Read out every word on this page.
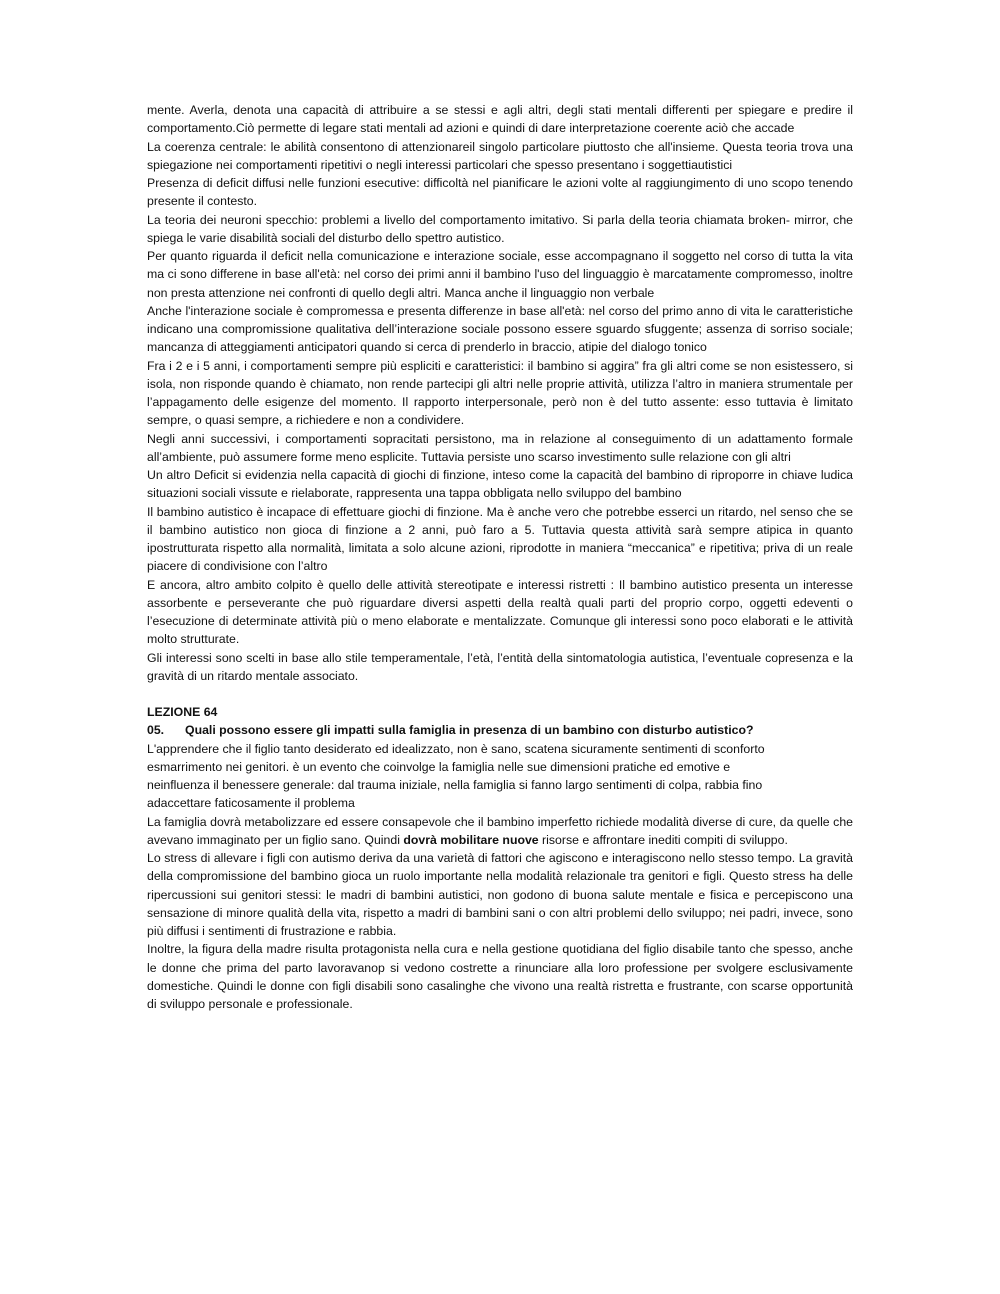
mente. Averla, denota una capacità di attribuire a se stessi e agli altri, degli stati mentali differenti per spiegare e predire il comportamento.Ciò permette di legare stati mentali ad azioni e quindi di dare interpretazione coerente aciò che accade

La coerenza centrale: le abilità consentono di attenzionareil singolo particolare piuttosto che all'insieme. Questa teoria trova una spiegazione nei comportamenti ripetitivi o negli interessi particolari che spesso presentano i soggettiautistici

Presenza di deficit diffusi nelle funzioni esecutive: difficoltà nel pianificare le azioni volte al raggiungimento di uno scopo tenendo presente il contesto.

La teoria dei neuroni specchio: problemi a livello del comportamento imitativo. Si parla della teoria chiamata broken- mirror, che spiega le varie disabilità sociali del disturbo dello spettro autistico.

Per quanto riguarda il deficit nella comunicazione e interazione sociale, esse accompagnano il soggetto nel corso di tutta la vita ma ci sono differene in base all'età: nel corso dei primi anni il bambino l'uso del linguaggio è marcatamente compromesso, inoltre non presta attenzione nei confronti di quello degli altri. Manca anche il linguaggio non verbale

Anche l'interazione sociale è compromessa e presenta differenze in base all'età: nel corso del primo anno di vita le caratteristiche indicano una compromissione qualitativa dell’interazione sociale possono essere sguardo sfuggente; assenza di sorriso sociale; mancanza di atteggiamenti anticipatori quando si cerca di prenderlo in braccio, atipie del dialogo tonico

Fra i 2 e i 5 anni, i comportamenti sempre più espliciti e caratteristici: il bambino si aggira” fra gli altri come se non esistessero, si isola, non risponde quando è chiamato, non rende partecipi gli altri nelle proprie attività, utilizza l’altro in maniera strumentale per l’appagamento delle esigenze del momento. Il rapporto interpersonale, però non è del tutto assente: esso tuttavia è limitato sempre, o quasi sempre, a richiedere e non a condividere.

Negli anni successivi, i comportamenti sopracitati persistono, ma in relazione al conseguimento di un adattamento formale all’ambiente, può assumere forme meno esplicite. Tuttavia persiste uno scarso investimento sulle relazione con gli altri

Un altro Deficit si evidenzia nella capacità di giochi di finzione, inteso come la capacità del bambino di riproporre in chiave ludica situazioni sociali vissute e rielaborate, rappresenta una tappa obbligata nello sviluppo del bambino

Il bambino autistico è incapace di effettuare giochi di finzione. Ma è anche vero che potrebbe esserci un ritardo, nel senso che se il bambino autistico non gioca di finzione a 2 anni, può faro a 5. Tuttavia questa attività sarà sempre atipica in quanto ipostrutturata rispetto alla normalità, limitata a solo alcune azioni, riprodotte in maniera “meccanica” e ripetitiva; priva di un reale piacere di condivisione con l’altro

E ancora, altro ambito colpito è quello delle attività stereotipate e interessi ristretti : Il bambino autistico presenta un interesse assorbente e perseverante che può riguardare diversi aspetti della realtà quali parti del proprio corpo, oggetti edeventi o l’esecuzione di determinate attività più o meno elaborate e mentalizzate. Comunque gli interessi sono poco elaborati e le attività molto strutturate.

Gli interessi sono scelti in base allo stile temperamentale, l’età, l’entità della sintomatologia autistica, l’eventuale copresenza e la gravità di un ritardo mentale associato.

LEZIONE 64

05.	Quali possono essere gli impatti sulla famiglia in presenza di un bambino con disturbo autistico?

L'apprendere che il figlio tanto desiderato ed idealizzato, non è sano, scatena sicuramente sentimenti di sconforto
esmarrimento nei genitori. è un evento che coinvolge la famiglia nelle sue dimensioni pratiche ed emotive e
neinfluenza il benessere generale: dal trauma iniziale, nella famiglia si fanno largo sentimenti di colpa, rabbia fino
adaccettare faticosamente il problema

La famiglia dovrà metabolizzare ed essere consapevole che il bambino imperfetto richiede modalità diverse di cure, da quelle che avevano immaginato per un figlio sano. Quindi dovrà mobilitare nuove risorse e affrontare inediti compiti di sviluppo.

Lo stress di allevare i figli con autismo deriva da una varietà di fattori che agiscono e interagiscono nello stesso tempo. La gravità della compromissione del bambino gioca un ruolo importante nella modalità relazionale tra genitori e figli. Questo stress ha delle ripercussioni sui genitori stessi: le madri di bambini autistici, non godono di buona salute mentale e fisica e percepiscono una sensazione di minore qualità della vita, rispetto a madri di bambini sani o con altri problemi dello sviluppo; nei padri, invece, sono più diffusi i sentimenti di frustrazione e rabbia.

Inoltre, la figura della madre risulta protagonista nella cura e nella gestione quotidiana del figlio disabile tanto che spesso, anche le donne che prima del parto lavoravanop si vedono costrette a rinunciare alla loro professione per svolgere esclusivamente domestiche. Quindi le donne con figli disabili sono casalinghe che vivono una realtà ristretta e frustrante, con scarse opportunità di sviluppo personale e professionale.
